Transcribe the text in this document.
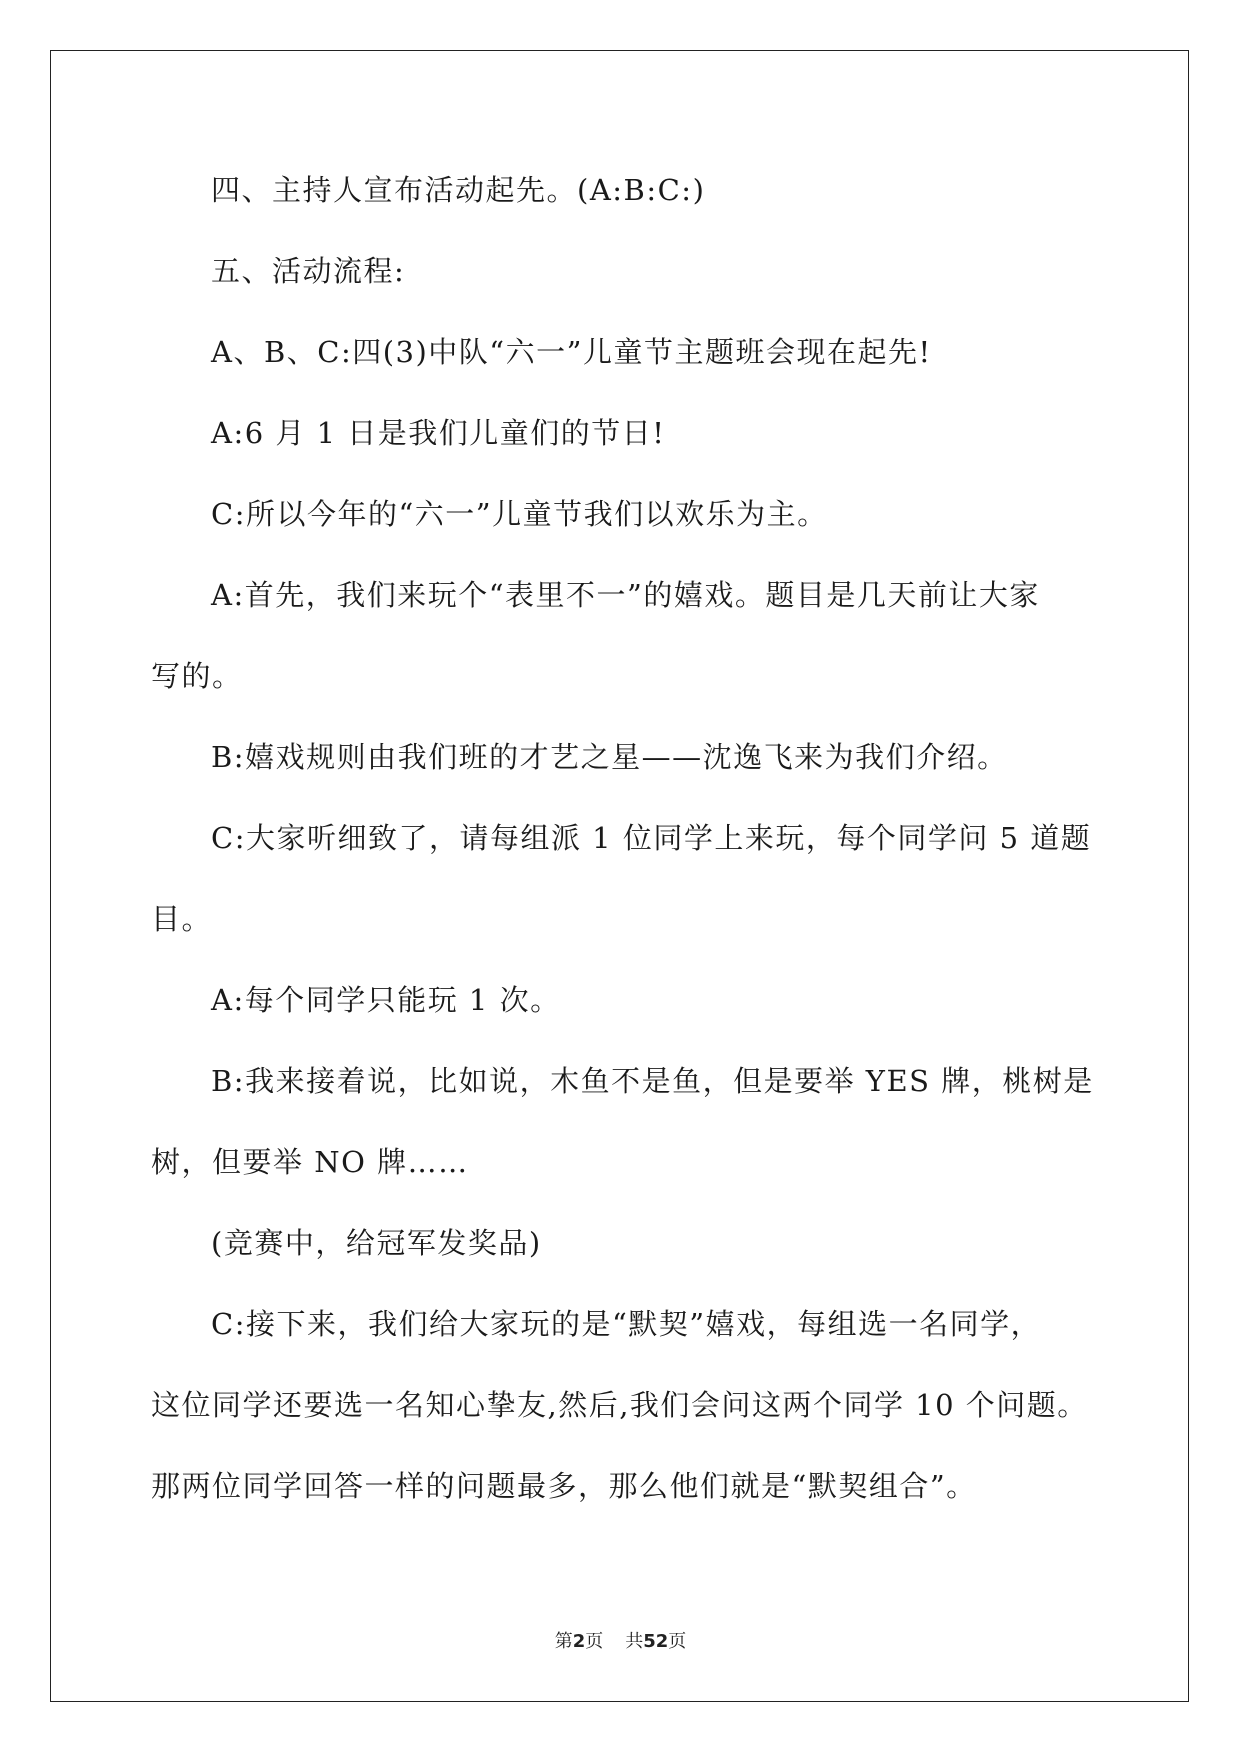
四、主持人宣布活动起先。(A:B:C:)

五、活动流程:

A、B、C:四(3)中队“六一”儿童节主题班会现在起先!

A:6 月 1 日是我们儿童们的节日!

C:所以今年的“六一”儿童节我们以欢乐为主。

A:首先，我们来玩个“表里不一”的嬉戏。题目是几天前让大家

写的。

B:嬉戏规则由我们班的才艺之星——沈逸飞来为我们介绍。

C:大家听细致了，请每组派 1 位同学上来玩，每个同学问 5 道题

目。

A:每个同学只能玩 1 次。

B:我来接着说，比如说，木鱼不是鱼，但是要举 YES 牌，桃树是

树，但要举 NO 牌……

(竞赛中，给冠军发奖品)

C:接下来，我们给大家玩的是“默契”嬉戏，每组选一名同学，

这位同学还要选一名知心挚友,然后,我们会问这两个同学 10 个问题。

那两位同学回答一样的问题最多，那么他们就是“默契组合”。

第2页 共52页
